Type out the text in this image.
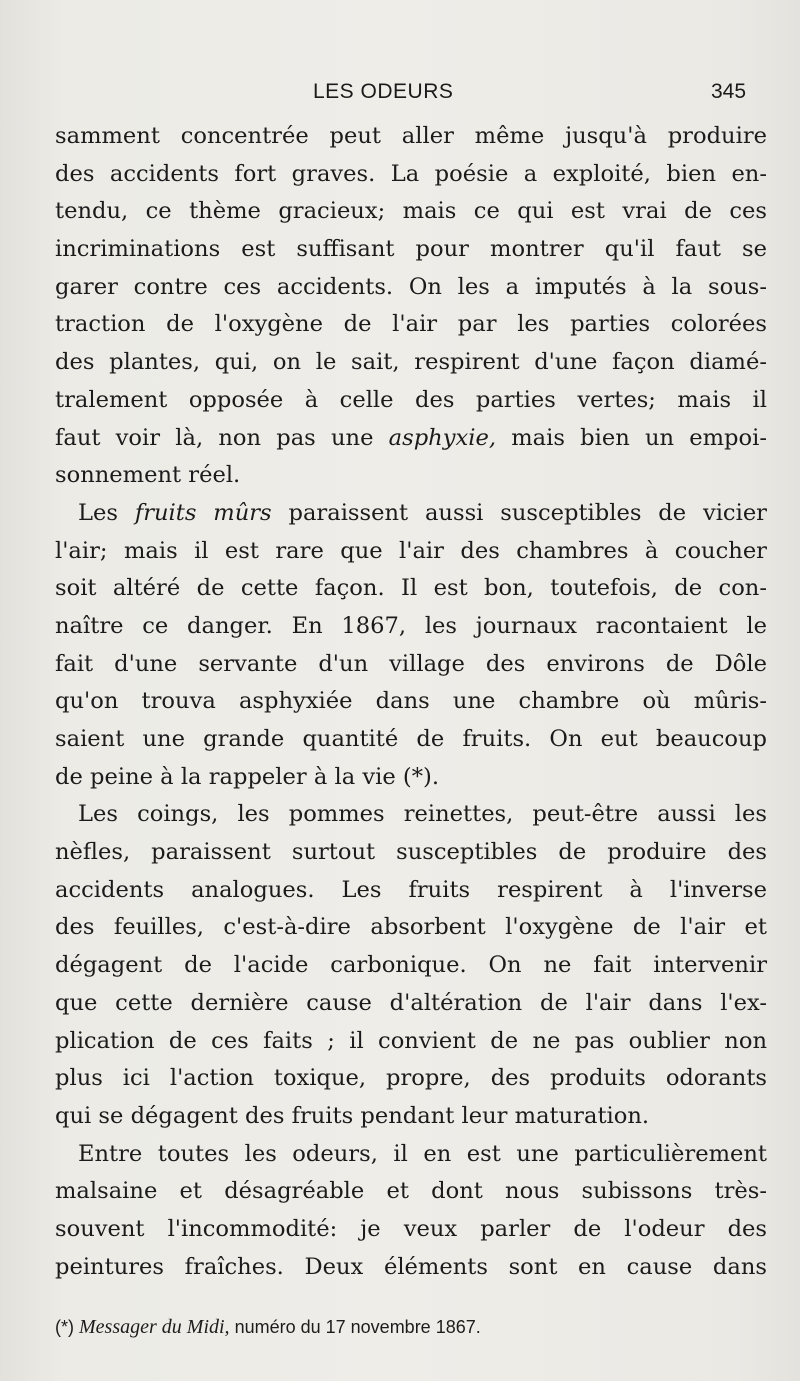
LES ODEURS	345
samment concentrée peut aller même jusqu'à produire
des accidents fort graves. La poésie a exploité, bien en-
tendu, ce thème gracieux; mais ce qui est vrai de ces
incriminations est suffisant pour montrer qu'il faut se
garer contre ces accidents. On les a imputés à la sous-
traction de l'oxygène de l'air par les parties colorées
des plantes, qui, on le sait, respirent d'une façon diamé-
tralement opposée à celle des parties vertes; mais il
faut voir là, non pas une asphyxie, mais bien un empoi-
sonnement réel.
Les fruits mûrs paraissent aussi susceptibles de vicier
l'air; mais il est rare que l'air des chambres à coucher
soit altéré de cette façon. Il est bon, toutefois, de con-
naître ce danger. En 1867, les journaux racontaient le
fait d'une servante d'un village des environs de Dôle
qu'on trouva asphyxiée dans une chambre où mûris-
saient une grande quantité de fruits. On eut beaucoup
de peine à la rappeler à la vie (*).
Les coings, les pommes reinettes, peut-être aussi les
nèfles, paraissent surtout susceptibles de produire des
accidents analogues. Les fruits respirent à l'inverse
des feuilles, c'est-à-dire absorbent l'oxygène de l'air et
dégagent de l'acide carbonique. On ne fait intervenir
que cette dernière cause d'altération de l'air dans l'ex-
plication de ces faits ; il convient de ne pas oublier non
plus ici l'action toxique, propre, des produits odorants
qui se dégagent des fruits pendant leur maturation.
Entre toutes les odeurs, il en est une particulièrement
malsaine et désagréable et dont nous subissons très-
souvent l'incommodité: je veux parler de l'odeur des
peintures fraîches. Deux éléments sont en cause dans
(*) Messager du Midi, numéro du 17 novembre 1867.
